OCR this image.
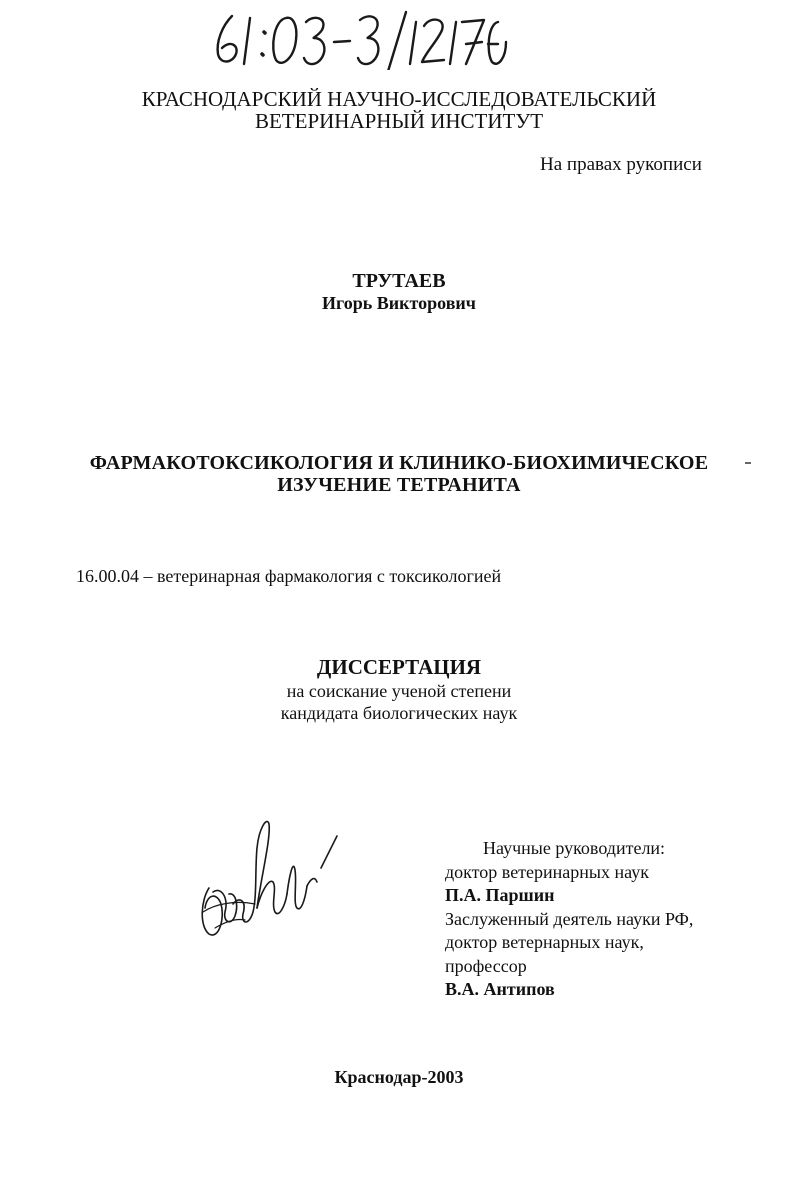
КРАСНОДАРСКИЙ НАУЧНО-ИССЛЕДОВАТЕЛЬСКИЙ
ВЕТЕРИНАРНЫЙ ИНСТИТУТ
На правах рукописи
ТРУТАЕВ
Игорь Викторович
ФАРМАКОТОКСИКОЛОГИЯ И КЛИНИКО-БИОХИМИЧЕСКОЕ
ИЗУЧЕНИЕ ТЕТРАНИТА
16.00.04 – ветеринарная фармакология с токсикологией
ДИССЕРТАЦИЯ
на соискание ученой степени
кандидата биологических наук
Научные руководители:
доктор ветеринарных наук
П.А. Паршин
Заслуженный деятель науки РФ,
доктор ветернарных наук,
профессор
В.А. Антипов
Краснодар-2003
